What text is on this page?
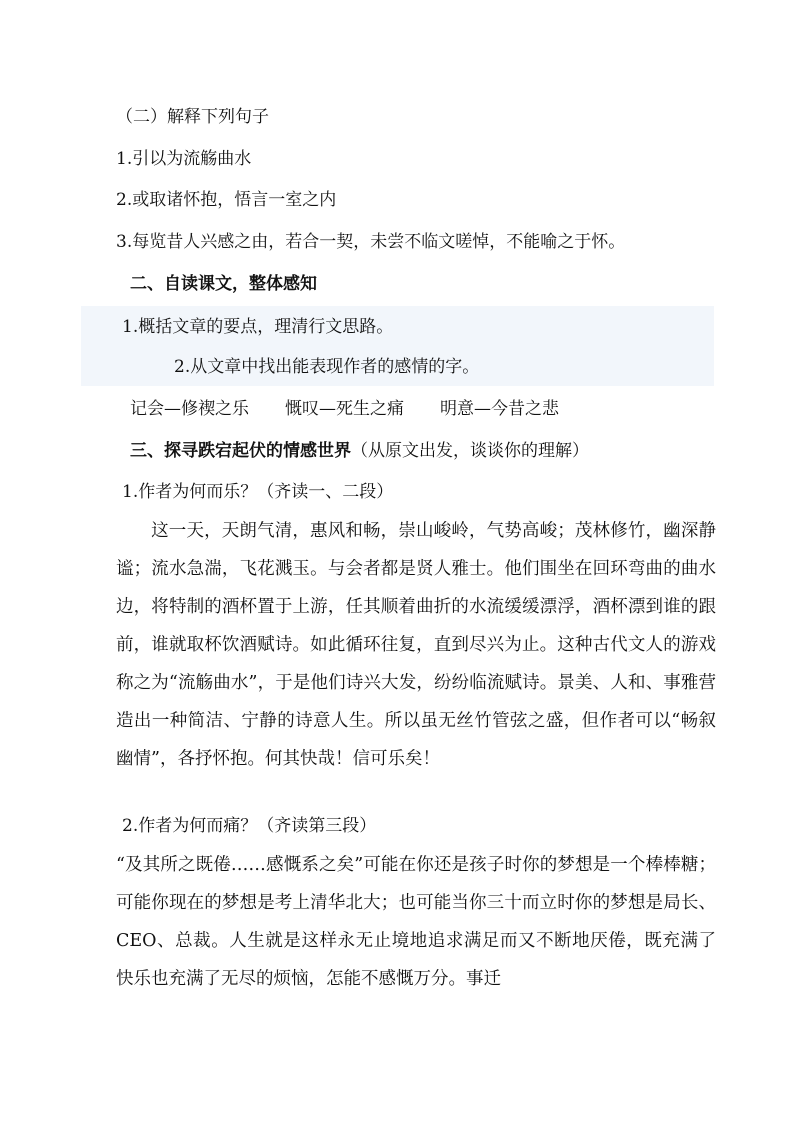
（二）解释下列句子
1.引以为流觞曲水
2.或取诸怀抱，悟言一室之内
3.每览昔人兴感之由，若合一契，未尝不临文嗟悼，不能喻之于怀。
二、自读课文，整体感知
1.概括文章的要点，理清行文思路。
2.从文章中找出能表现作者的感情的字。
记会—修禊之乐 慨叹—死生之痛 明意—今昔之悲
三、探寻跌宕起伏的情感世界（从原文出发，谈谈你的理解）
1.作者为何而乐？（齐读一、二段）
这一天，天朗气清，惠风和畅，崇山峻岭，气势高峻；茂林修竹，幽深静谧；流水急湍，飞花溅玉。与会者都是贤人雅士。他们围坐在回环弯曲的曲水边，将特制的酒杯置于上游，任其顺着曲折的水流缓缓漂浮，酒杯漂到谁的跟前，谁就取杯饮酒赋诗。如此循环往复，直到尽兴为止。这种古代文人的游戏称之为“流觞曲水”，于是他们诗兴大发，纷纷临流赋诗。景美、人和、事雅营造出一种简洁、宁静的诗意人生。所以虽无丝竹管弦之盛，但作者可以“畅叙幽情”，各抒怀抱。何其快哉！信可乐矣！
2.作者为何而痛？（齐读第三段）
“及其所之既倦……感慨系之矣”可能在你还是孩子时你的梦想是一个棒棒糖；可能你现在的梦想是考上清华北大；也可能当你三十而立时你的梦想是局长、CEO、总裁。人生就是这样永无止境地追求满足而又不断地厌倦，既充满了快乐也充满了无尽的烦恼，怎能不感慨万分。事迁
